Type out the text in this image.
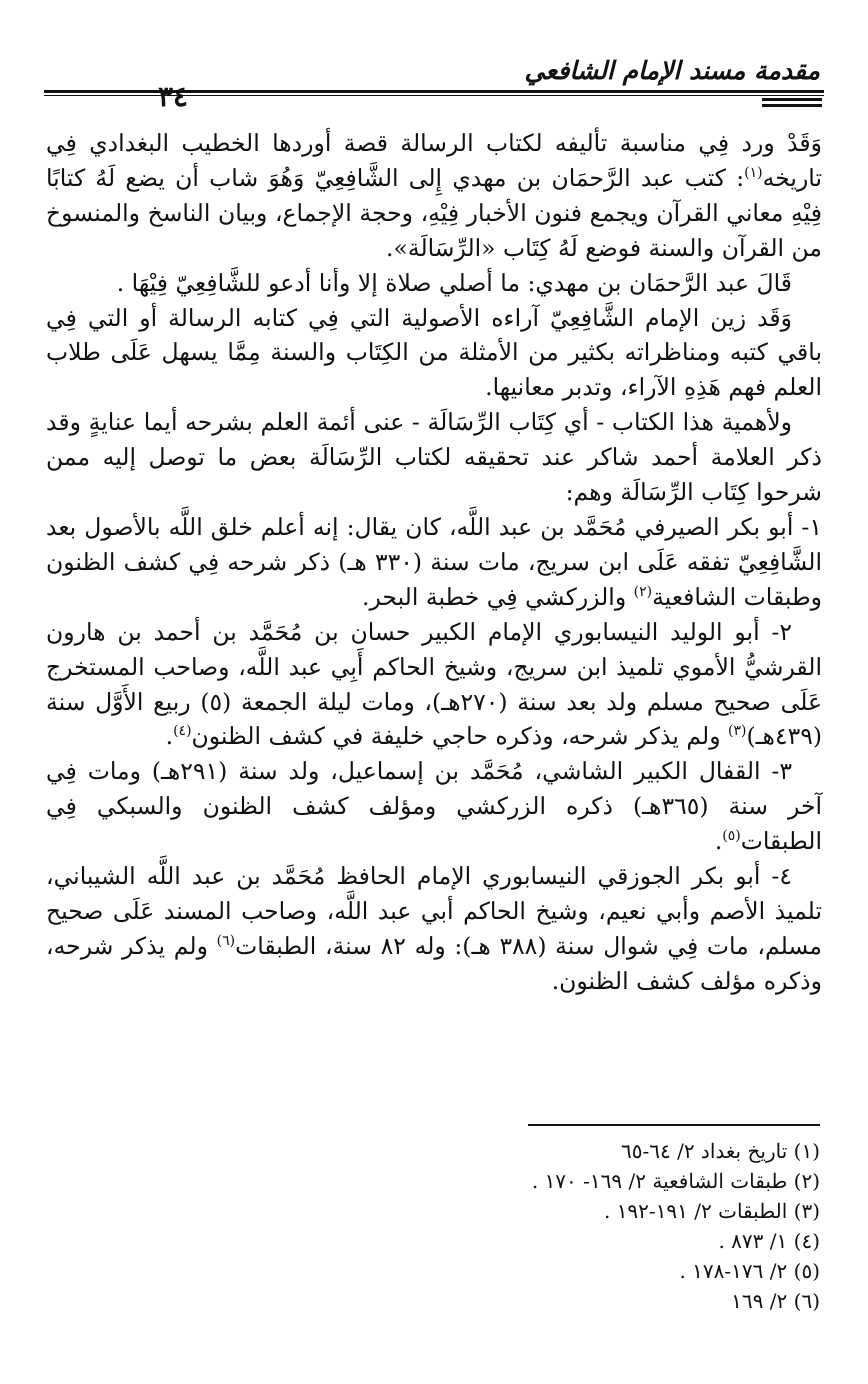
مقدمة مسند الإمام الشافعي
٣٤

وَقَدْ ورد فِي مناسبة تأليفه لكتاب الرسالة قصة أوردها الخطيب البغدادي فِي تاريخه$^{(١)}$: كتب عبد الرَّحمَان بن مهدي إِلى الشَّافِعِيّ وَهُوَ شاب أن يضع لَهُ كتابًا فِيْهِ معاني القرآن ويجمع فنون الأخبار فِيْهِ، وحجة الإجماع، وبيان الناسخ والمنسوخ من القرآن والسنة فوضع لَهُ كِتَاب «الرِّسَالَة».

قَالَ عبد الرَّحمَان بن مهدي: ما أصلي صلاة إلا وأنا أدعو للشَّافِعِيّ فِيْهَا .

وَقَد زين الإمام الشَّافِعِيّ آراءه الأصولية التي فِي كتابه الرسالة أو التي فِي باقي كتبه ومناظراته بكثير من الأمثلة من الكِتَاب والسنة مِمَّا يسهل عَلَى طلاب العلم فهم هَذِهِ الآراء، وتدبر معانيها.

ولأهمية هذا الكتاب - أي كِتَاب الرِّسَالَة - عنى أئمة العلم بشرحه أيما عنايةٍ وقد ذكر العلامة أحمد شاكر عند تحقيقه لكتاب الرِّسَالَة بعض ما توصل إليه ممن شرحوا كِتَاب الرِّسَالَة وهم:

١- أبو بكر الصيرفي مُحَمَّد بن عبد اللَّه، كان يقال: إنه أعلم خلق اللَّه بالأصول بعد الشَّافِعِيّ تفقه عَلَى ابن سريج، مات سنة (٣٣٠ هـ) ذكر شرحه فِي كشف الظنون وطبقات الشافعية$^{(٢)}$ والزركشي فِي خطبة البحر.

٢- أبو الوليد النيسابوري الإمام الكبير حسان بن مُحَمَّد بن أحمد بن هارون القرشيُّ الأموي تلميذ ابن سريج، وشيخ الحاكم أَبِي عبد اللَّه، وصاحب المستخرج عَلَى صحيح مسلم ولد بعد سنة (٢٧٠هـ)، ومات ليلة الجمعة (٥) ربيع الأَوَّل سنة (٤٣٩هـ)$^{(٣)}$ ولم يذكر شرحه، وذكره حاجي خليفة في كشف الظنون$^{(٤)}$.

٣- القفال الكبير الشاشي، مُحَمَّد بن إسماعيل، ولد سنة (٢٩١هـ) ومات فِي آخر سنة (٣٦٥هـ) ذكره الزركشي ومؤلف كشف الظنون والسبكي فِي الطبقات$^{(٥)}$.

٤- أبو بكر الجوزقي النيسابوري الإمام الحافظ مُحَمَّد بن عبد اللَّه الشيباني، تلميذ الأصم وأبي نعيم، وشيخ الحاكم أبي عبد اللَّه، وصاحب المسند عَلَى صحيح مسلم، مات فِي شوال سنة (٣٨٨ هـ): وله ٨٢ سنة، الطبقات$^{(٦)}$ ولم يذكر شرحه، وذكره مؤلف كشف الظنون.

(١) تاريخ بغداد ٢/ ٦٤-٦٥
(٢) طبقات الشافعية ٢/ ١٦٩- ١٧٠ .
(٣) الطبقات ٢/ ١٩١-١٩٢ .
(٤) ١/ ٨٧٣ .
(٥) ٢/ ١٧٦-١٧٨ .
(٦) ٢/ ١٦٩
